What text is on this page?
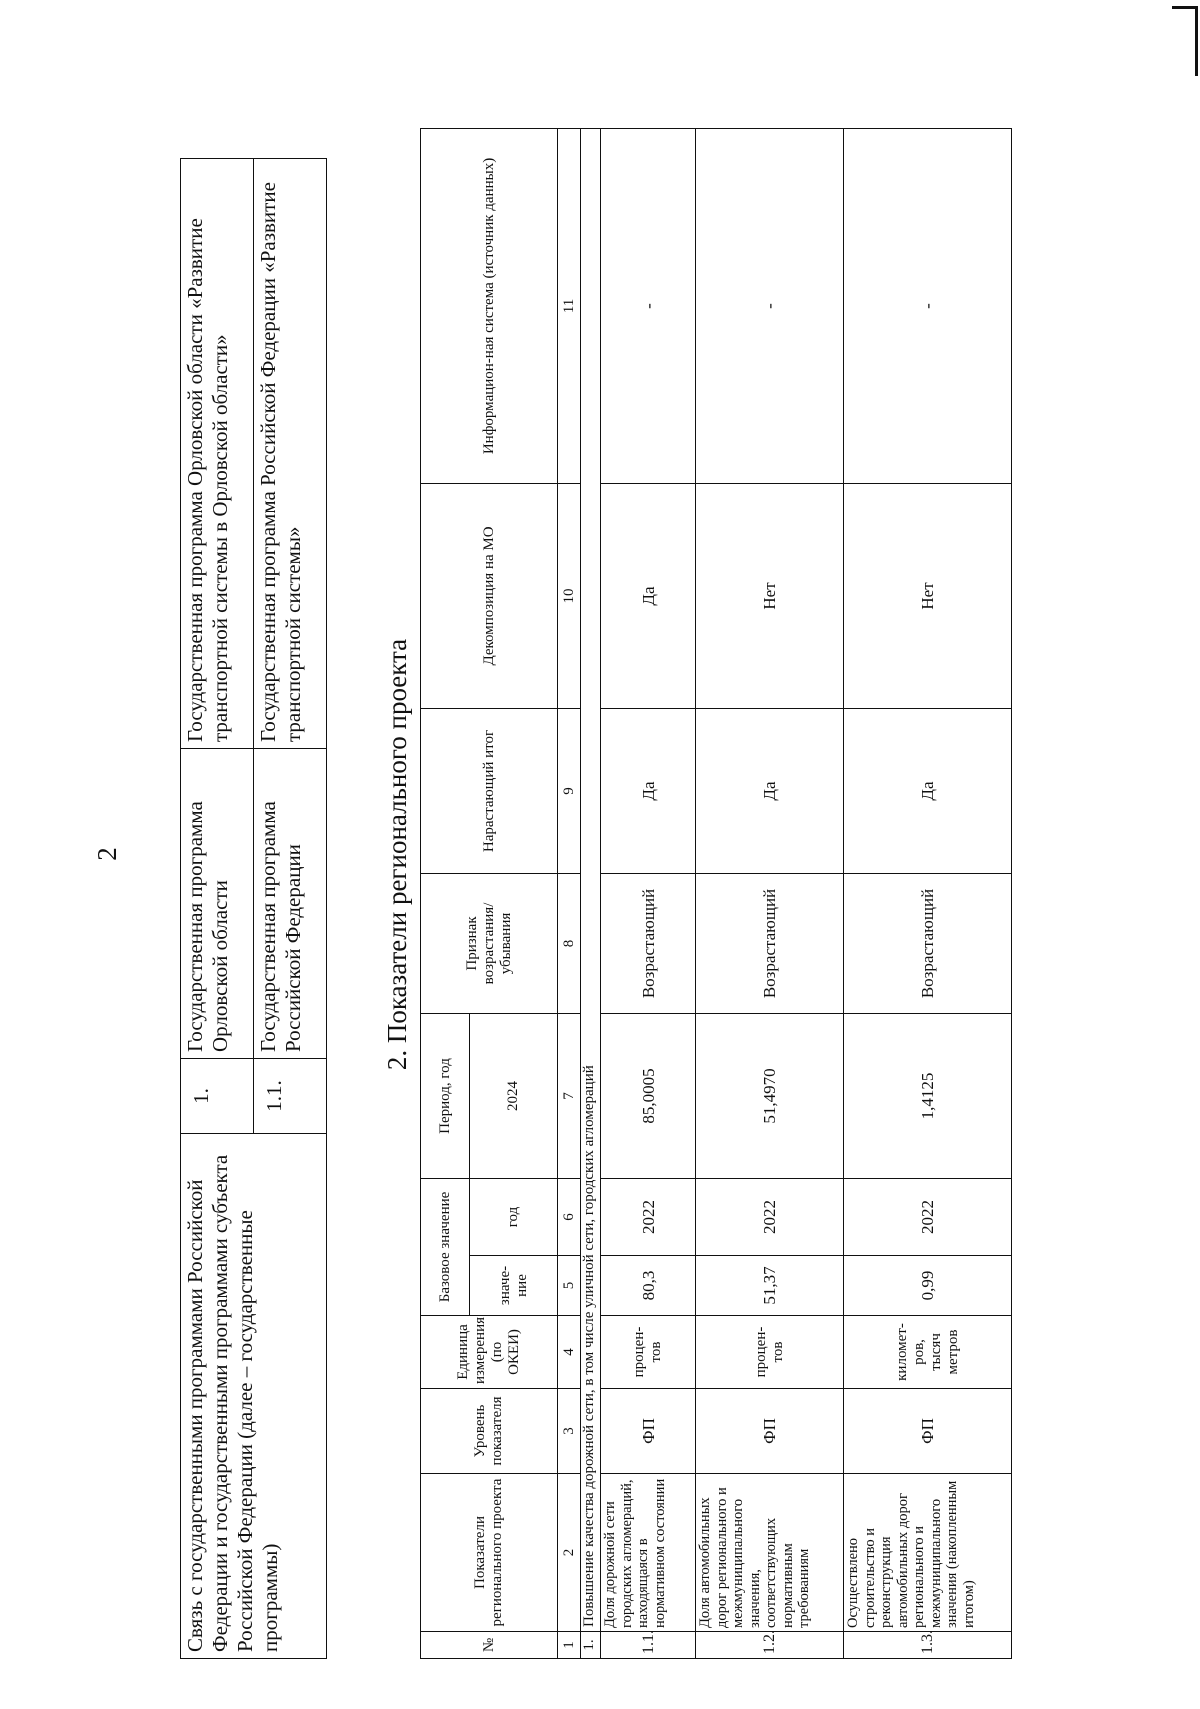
2
Связь с государственными программами Российской Федерации и государственными программами субъекта Российской Федерации (далее – государственные программы)	1.	Государственная программа Орловской области	Государственная программа Орловской области «Развитие транспортной системы в Орловской области»
	1.1.	Государственная программа Российской Федерации	Государственная программа Российской Федерации «Развитие транспортной системы»
2. Показатели регионального проекта
№	Показатели регионального проекта	Уровень показателя	Единица измерения (по ОКЕИ)	Базовое значение		Период, год	Признак возрастания/ убывания	Нарастающий итог	Декомпозиция на МО	Информацион-ная система (источник данных)
				значе-ние	год	2024				
1	2	3	4	5	6	7	8	9	10	11
1.	Повышение качества дорожной сети, в том числе уличной сети, городских агломераций									
1.1.	Доля дорожной сети городских агломераций, находящаяся в нормативном состоянии	ФП	процен-тов	80,3	2022	85,0005	Возрастающий	Да	Да	-
1.2.	Доля автомобильных дорог регионального и межмуниципального значения, соответствующих нормативным требованиям	ФП	процен-тов	51,37	2022	51,4970	Возрастающий	Да	Нет	-
1.3.	Осуществлено строительство и реконструкция автомобильных дорог регионального и межмуниципального значения (накопленным итогом)	ФП	километ-ров, тысяч метров	0,99	2022	1,4125	Возрастающий	Да	Нет	-
